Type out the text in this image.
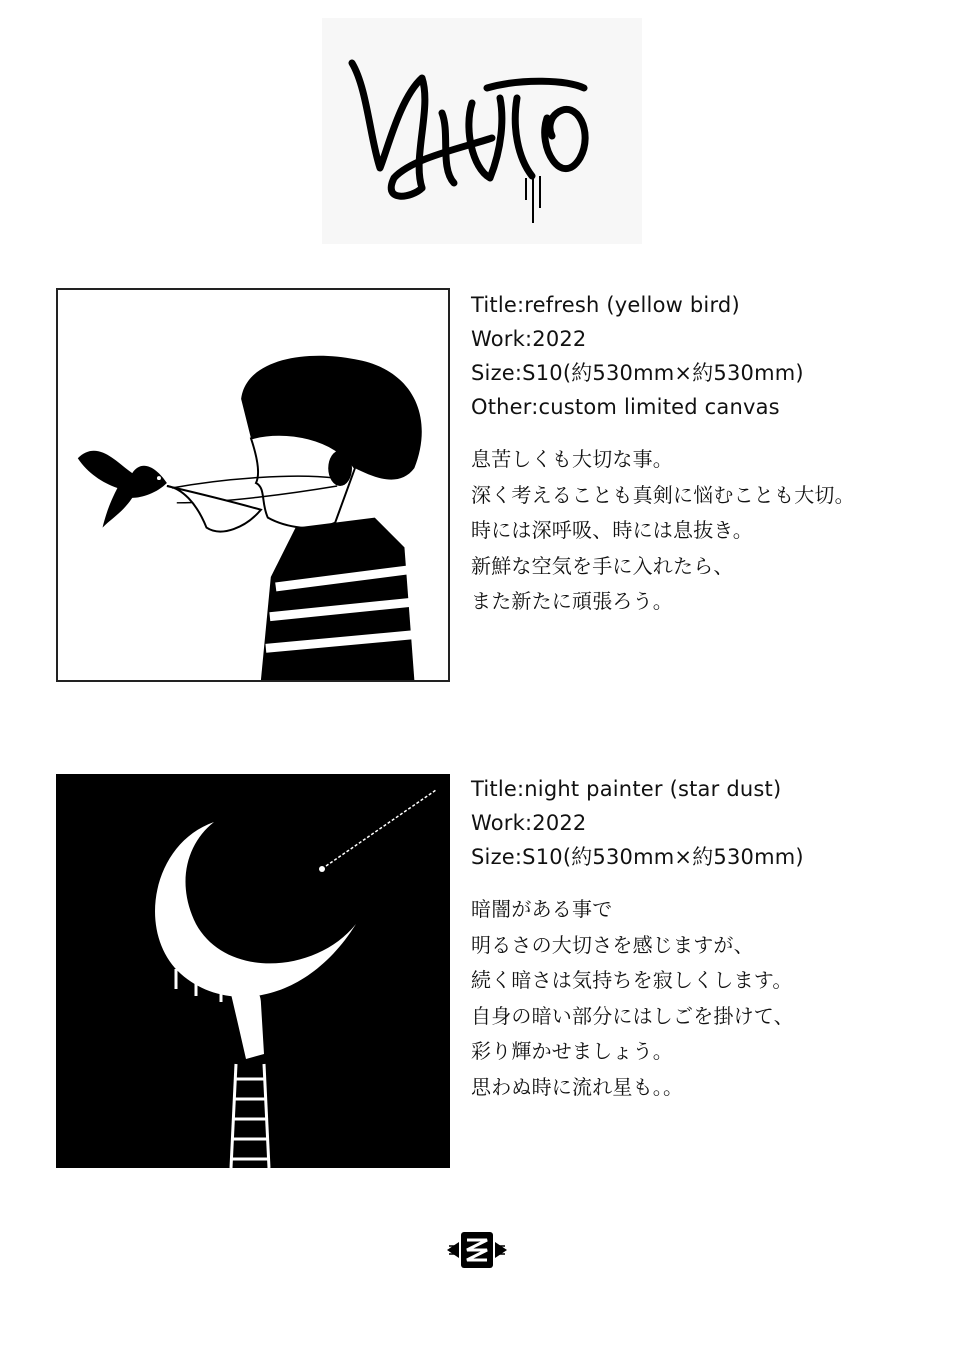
Title:refresh (yellow bird)
Work:2022
Size:S10(約530mm×約530mm)
Other:custom limited canvas
息苦しくも大切な事。
深く考えることも真剣に悩むことも大切。
時には深呼吸、時には息抜き。
新鮮な空気を手に入れたら、
また新たに頑張ろう。
Title:night painter (star dust)
Work:2022
Size:S10(約530mm×約530mm)
暗闇がある事で
明るさの大切さを感じますが、
続く暗さは気持ちを寂しくします。
自身の暗い部分にはしごを掛けて、
彩り輝かせましょう。
思わぬ時に流れ星も。。
